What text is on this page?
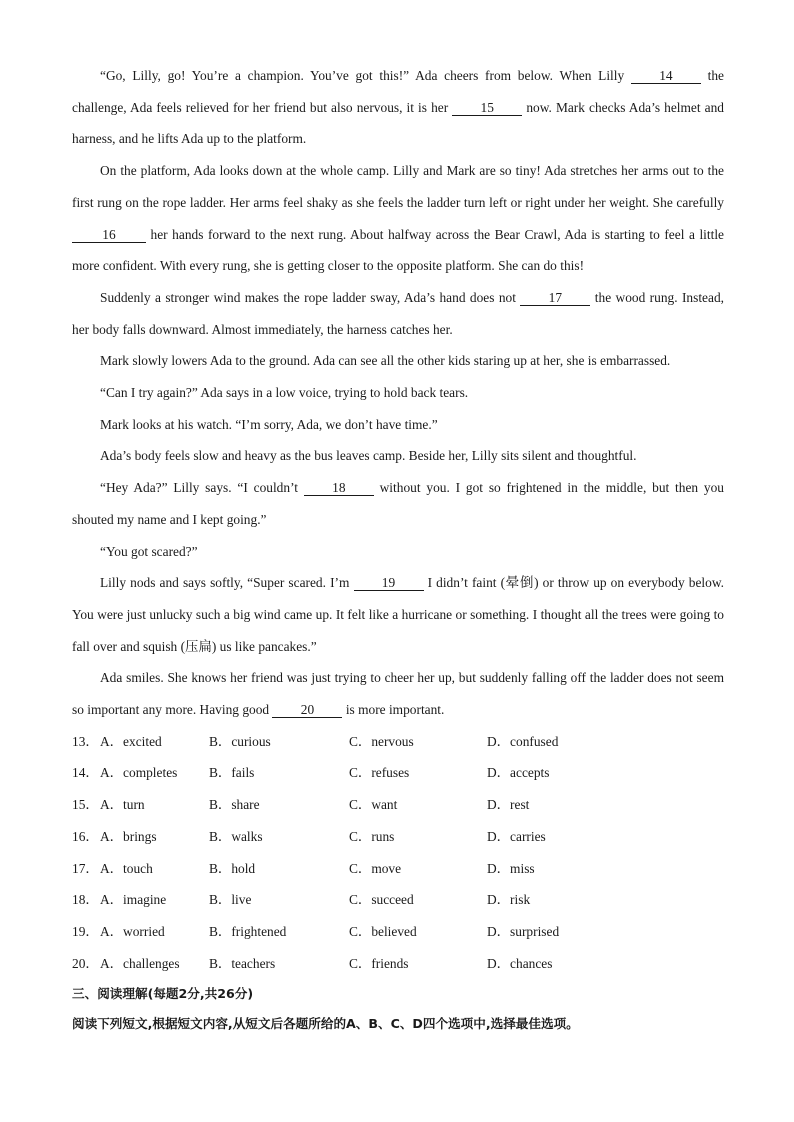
“Go, Lilly, go! You’re a champion. You’ve got this!” Ada cheers from below. When Lilly 14 the challenge, Ada feels relieved for her friend but also nervous, it is her 15 now. Mark checks Ada’s helmet and harness, and he lifts Ada up to the platform.

On the platform, Ada looks down at the whole camp. Lilly and Mark are so tiny! Ada stretches her arms out to the first rung on the rope ladder. Her arms feel shaky as she feels the ladder turn left or right under her weight. She carefully 16 her hands forward to the next rung. About halfway across the Bear Crawl, Ada is starting to feel a little more confident. With every rung, she is getting closer to the opposite platform. She can do this!

Suddenly a stronger wind makes the rope ladder sway, Ada’s hand does not 17 the wood rung. Instead, her body falls downward. Almost immediately, the harness catches her.

Mark slowly lowers Ada to the ground. Ada can see all the other kids staring up at her, she is embarrassed.

“Can I try again?” Ada says in a low voice, trying to hold back tears.

Mark looks at his watch. “I’m sorry, Ada, we don’t have time.”

Ada’s body feels slow and heavy as the bus leaves camp. Beside her, Lilly sits silent and thoughtful.

“Hey Ada?” Lilly says. “I couldn’t 18 without you. I got so frightened in the middle, but then you shouted my name and I kept going.”

“You got scared?”

Lilly nods and says softly, “Super scared. I’m 19 I didn’t faint (晕倒) or throw up on everybody below. You were just unlucky such a big wind came up. It felt like a hurricane or something. I thought all the trees were going to fall over and squish (压扁) us like pancakes.”

Ada smiles. She knows her friend was just trying to cheer her up, but suddenly falling off the ladder does not seem so important any more. Having good 20 is more important.

13． A．excited	B．curious	C．nervous	D．confused
14． A．completes B．fails	C．refuses	D．accepts
15． A．turn	B．share	C．want	D．rest
16． A．brings	B．walks	C．runs	D．carries
17． A．touch	B．hold	C．move	D．miss
18． A．imagine	B．live	C．succeed	D．risk
19． A．worried	B．frightened	C．believed	D．surprised
20． A．challenges B．teachers	C．friends	D．chances

三、阅读理解(每题2分,共26分)

阅读下列短文,根据短文内容,从短文后各题所给的A、B、C、D四个选项中,选择最佳选项。
